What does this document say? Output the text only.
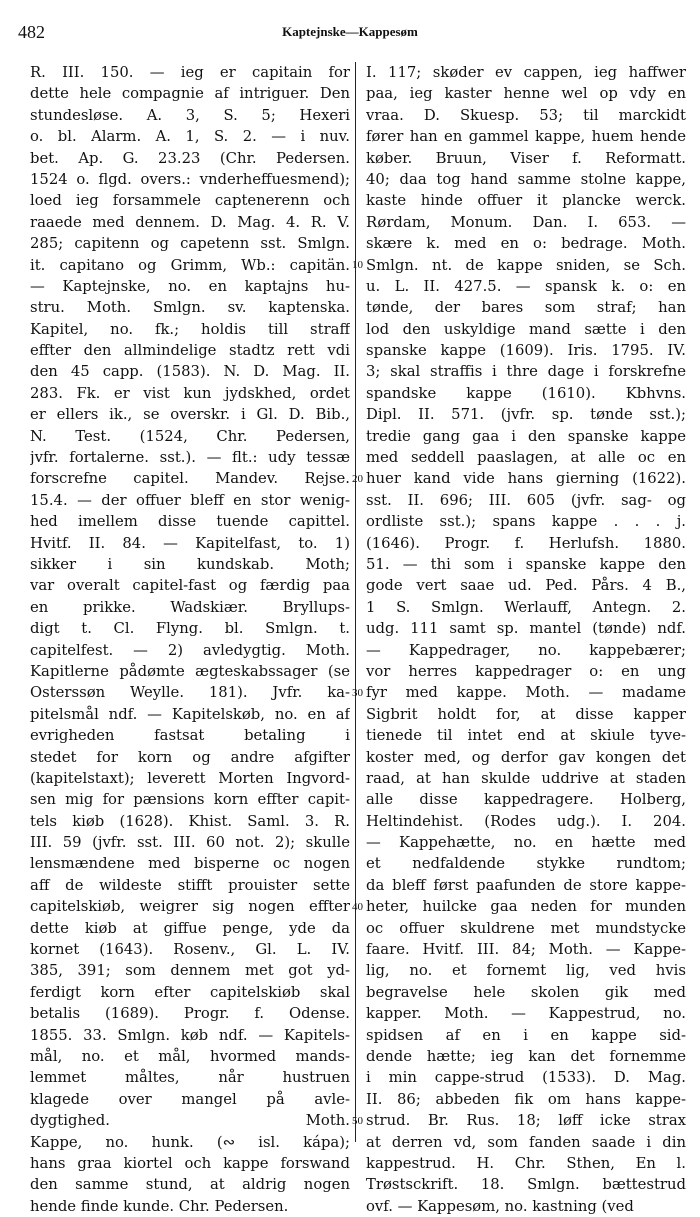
482	Kaptejnske—Kappesøm
R. III. 150. — ieg er capitain for
dette hele compagnie af intriguer. Den
stundesløse. A. 3, S. 5; Hexeri
o. bl. Alarm. A. 1, S. 2. — i nuv.
bet. Ap. G. 23.23 (Chr. Pedersen.
1524 o. flgd. overs.: vnderheffuesmend);
loed ieg forsammele captenerenn och
raaede med dennem. D. Mag. 4. R. V.
285; capitenn og capetenn sst. Smlgn.
it. capitano og Grimm, Wb.: capitän.
— Kaptejnske, no. en kaptajns hu-
stru. Moth. Smlgn. sv. kaptenska.
Kapitel, no. fk.; holdis till straff
effter den allmindelige stadtz rett vdi
den 45 capp. (1583). N. D. Mag. II.
283. Fk. er vist kun jydskhed, ordet
er ellers ik., se overskr. i Gl. D. Bib.,
N. Test. (1524, Chr. Pedersen,
jvfr. fortalerne. sst.). — flt.: udy tessæ
forscrefne capitel. Mandev. Rejse.
15.4. — der offuer bleff en stor wenig-
hed imellem disse tuende capittel.
Hvitf. II. 84. — Kapitelfast, to. 1)
sikker i sin kundskab. Moth;
var overalt capitel-fast og færdig paa
en prikke. Wadskiær. Bryllups-
digt t. Cl. Flyng. bl. Smlgn. t.
capitelfest. — 2) avledygtig. Moth.
Kapitlerne pådømte ægteskabssager (se
Osterssøn Weylle. 181). Jvfr. ka-
pitelsmål ndf. — Kapitelskøb, no. en af
evrigheden fastsat betaling i
stedet for korn og andre afgifter
(kapitelstaxt); leverett Morten Ingvord-
sen mig for pænsions korn effter capit-
tels kiøb (1628). Khist. Saml. 3. R.
III. 59 (jvfr. sst. III. 60 not. 2); skulle
lensmændene med bisperne oc nogen
aff de wildeste stifft prouister sette
capitelskiøb, weigrer sig nogen effter
dette kiøb at giffue penge, yde da
kornet (1643). Rosenv., Gl. L. IV.
385, 391; som dennem met got yd-
ferdigt korn efter capitelskiøb skal
betalis (1689). Progr. f. Odense.
1855. 33. Smlgn. køb ndf. — Kapitels-
mål, no. et mål, hvormed mands-
lemmet måltes, når hustruen
klagede over mangel på avle-
dygtighed. Moth.
Kappe, no. hunk. (∾ isl. kápa);
hans graa kiortel och kappe forswand
den samme stund, at aldrig nogen
hende finde kunde. Chr. Pedersen.
I. 117; skøder ev cappen, ieg haffwer
paa, ieg kaster henne wel op vdy en
vraa. D. Skuesp. 53; til marckidt
fører han en gammel kappe, huem hende
køber. Bruun, Viser f. Reformatt.
40; daa tog hand samme stolne kappe,
kaste hinde offuer it plancke werck.
Rørdam, Monum. Dan. I. 653. —
skære k. med en o: bedrage. Moth.
Smlgn. nt. de kappe sniden, se Sch.
u. L. II. 427.5. — spansk k. o: en
tønde, der bares som straf; han
lod den uskyldige mand sætte i den
spanske kappe (1609). Iris. 1795. IV.
3; skal straffis i thre dage i forskrefne
spandske kappe (1610). Kbhvns.
Dipl. II. 571. (jvfr. sp. tønde sst.);
tredie gang gaa i den spanske kappe
med seddell paaslagen, at alle oc en
huer kand vide hans gierning (1622).
sst. II. 696; III. 605 (jvfr. sag- og
ordliste sst.); spans kappe . . . j.
(1646). Progr. f. Herlufsh. 1880.
51. — thi som i spanske kappe den
gode vert saae ud. Ped. Pårs. 4 B.,
1 S. Smlgn. Werlauff, Antegn. 2.
udg. 111 samt sp. mantel (tønde) ndf.
— Kappedrager, no. kappebærer;
vor herres kappedrager o: en ung
fyr med kappe. Moth. — madame
Sigbrit holdt for, at disse kapper
tienede til intet end at skiule tyve-
koster med, og derfor gav kongen det
raad, at han skulde uddrive at staden
alle disse kappedragere. Holberg,
Heltindehist. (Rodes udg.). I. 204.
— Kappehætte, no. en hætte med
et nedfaldende stykke rundtom;
da bleff først paafunden de store kappe-
heter, huilcke gaa neden for munden
oc offuer skuldrene met mundstycke
faare. Hvitf. III. 84; Moth. — Kappe-
lig, no. et fornemt lig, ved hvis
begravelse hele skolen gik med
kapper. Moth. — Kappestrud, no.
spidsen af en i en kappe sid-
dende hætte; ieg kan det fornemme
i min cappe-strud (1533). D. Mag.
II. 86; abbeden fik om hans kappe-
strud. Br. Rus. 18; løff icke strax
at derren vd, som fanden saade i din
kappestrud. H. Chr. Sthen, En l.
Trøstsckrift. 18. Smlgn. bættestrud
ovf. — Kappesøm, no. kastning (ved
10
20
30
40
50
